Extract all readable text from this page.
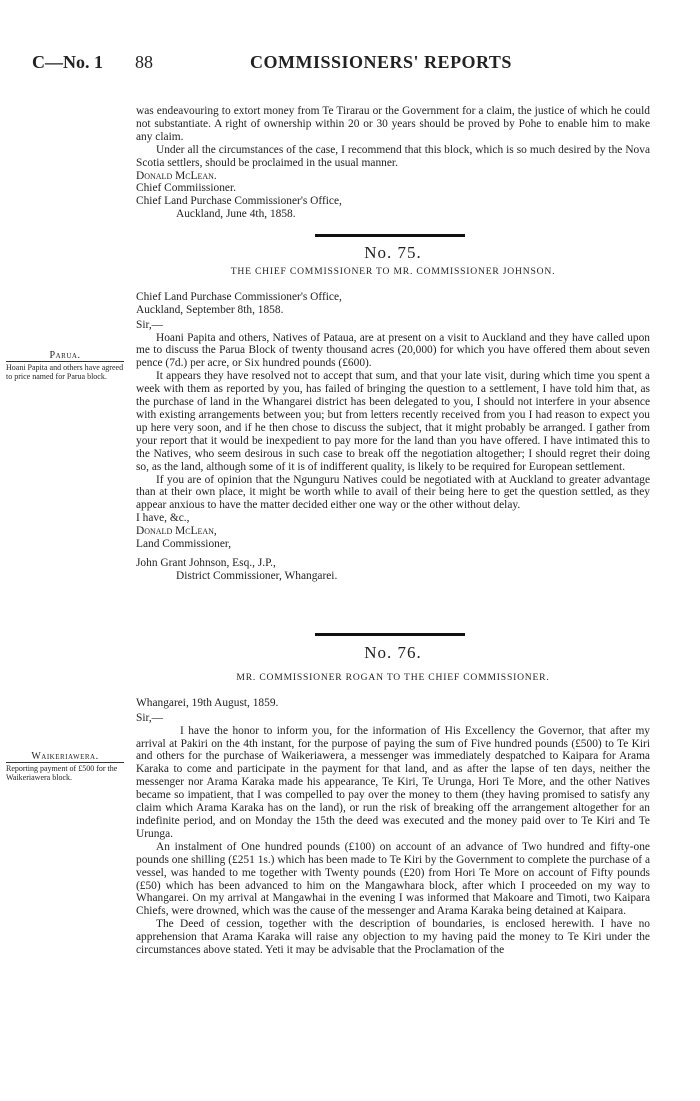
COMMISSIONERS' REPORTS
C—No. 1 88

was endeavouring to extort money from Te Tirarau or the Government for a claim, the justice of which he could not substantiate. A right of ownership within 20 or 30 years should be proved by Pohe to enable him to make any claim.

Under all the circumstances of the case, I recommend that this block, which is so much desired by the Nova Scotia settlers, should be proclaimed in the usual manner.

Donald McLean.

Chief Commiissioner.

Chief Land Purchase Commissioner's Office,

Auckland, June 4th, 1858.

No. 75.
THE CHIEF COMMISSIONER TO MR. COMMISSIONER JOHNSON.

Chief Land Purchase Commissioner's Office,

Auckland, September 8th, 1858.

Sir,—

Hoani Papita and others, Natives of Pataua, are at present on a visit to Auckland and they have called upon me to discuss the Parua Block of twenty thousand acres (20,000) for which you have offered them about seven pence (7d.) per acre, or Six hundred pounds (£600).

It appears they have resolved not to accept that sum, and that your late visit, during which time you spent a week with them as reported by you, has failed of bringing the question to a settlement, I have told him that, as the purchase of land in the Whangarei district has been delegated to you, I should not interfere in your absence with existing arrangements between you; but from letters recently received from you I had reason to expect you up here very soon, and if he then chose to discuss the subject, that it might probably be arranged. I gather from your report that it would be inexpedient to pay more for the land than you have offered. I have intimated this to the Natives, who seem desirous in such case to break off the negotiation altogether; I should regret their doing so, as the land, although some of it is of indifferent quality, is likely to be required for European settlement.

If you are of opinion that the Ngunguru Natives could be negotiated with at Auckland to greater advantage than at their own place, it might be worth while to avail of their being here to get the question settled, as they appear anxious to have the matter decided either one way or the other without delay.

I have, &c.,

Donald McLean,

Land Commissioner,

John Grant Johnson, Esq., J.P.,

District Commissioner, Whangarei.

Parua.
Hoani Papita and others have agreed to price named for Parua block.
No. 76.
MR. COMMISSIONER ROGAN TO THE CHIEF COMMISSIONER.

Whangarei, 19th August, 1859.

Sir,—

I have the honor to inform you, for the information of His Excellency the Governor, that after my arrival at Pakiri on the 4th instant, for the purpose of paying the sum of Five hundred pounds (£500) to Te Kiri and others for the purchase of Waikeriawera, a messenger was immediately despatched to Kaipara for Arama Karaka to come and participate in the payment for that land, and as after the lapse of ten days, neither the messenger nor Arama Karaka made his appearance, Te Kiri, Te Urunga, Hori Te More, and the other Natives became so impatient, that I was compelled to pay over the money to them (they having promised to satisfy any claim which Arama Karaka has on the land), or run the risk of breaking off the arrangement altogether for an indefinite period, and on Monday the 15th the deed was executed and the money paid over to Te Kiri and Te Urunga.

An instalment of One hundred pounds (£100) on account of an advance of Two hundred and fifty-one pounds one shilling (£251 1s.) which has been made to Te Kiri by the Government to complete the purchase of a vessel, was handed to me together with Twenty pounds (£20) from Hori Te More on account of Fifty pounds (£50) which has been advanced to him on the Mangawhara block, after which I proceeded on my way to Whangarei. On my arrival at Mangawhai in the evening I was informed that Makoare and Timoti, two Kaipara Chiefs, were drowned, which was the cause of the messenger and Arama Karaka being detained at Kaipara.

The Deed of cession, together with the description of boundaries, is enclosed herewith. I have no apprehension that Arama Karaka will raise any objection to my having paid the money to Te Kiri under the circumstances above stated. Yeti it may be advisable that the Proclamation of the

Waikeriawera.
Reporting payment of £500 for the Waikeriawera block.
